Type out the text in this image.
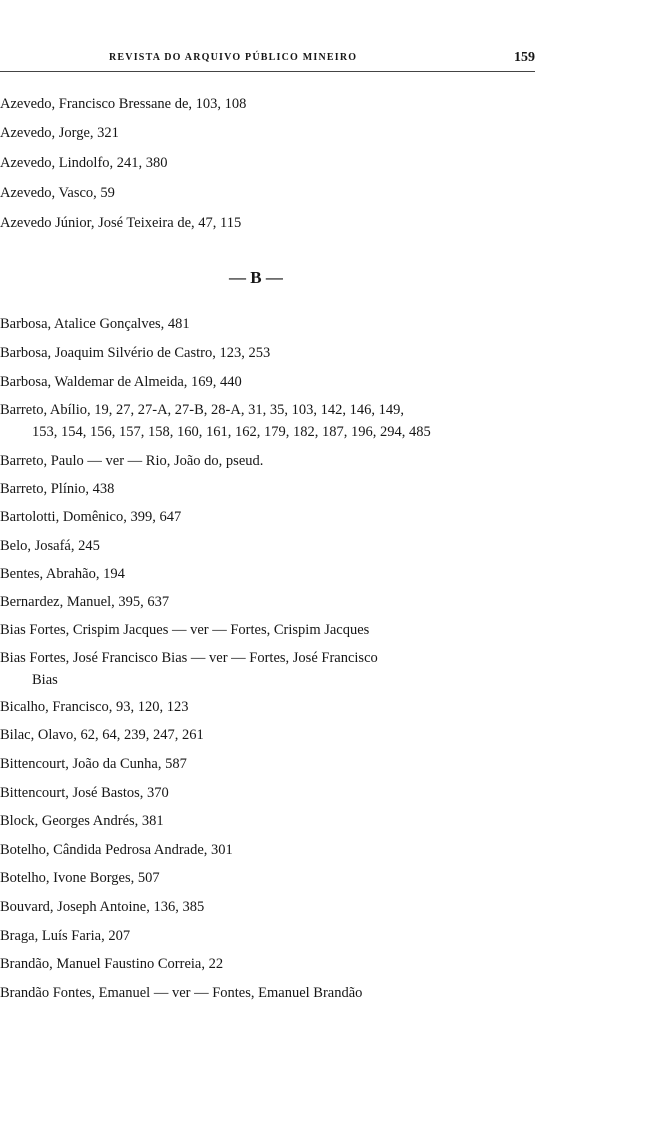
REVISTA DO ARQUIVO PÚBLICO MINEIRO	159
Azevedo, Francisco Bressane de, 103, 108
Azevedo, Jorge, 321
Azevedo, Lindolfo, 241, 380
Azevedo, Vasco, 59
Azevedo Júnior, José Teixeira de, 47, 115
— B —
Barbosa, Atalice Gonçalves, 481
Barbosa, Joaquim Silvério de Castro, 123, 253
Barbosa, Waldemar de Almeida, 169, 440
Barreto, Abílio, 19, 27, 27-A, 27-B, 28-A, 31, 35, 103, 142, 146, 149,
153, 154, 156, 157, 158, 160, 161, 162, 179, 182, 187, 196, 294, 485
Barreto, Paulo — ver — Rio, João do, pseud.
Barreto, Plínio, 438
Bartolotti, Domênico, 399, 647
Belo, Josafá, 245
Bentes, Abrahão, 194
Bernardez, Manuel, 395, 637
Bias Fortes, Crispim Jacques — ver — Fortes, Crispim Jacques
Bias Fortes, José Francisco Bias — ver — Fortes, José Francisco
Bias
Bicalho, Francisco, 93, 120, 123
Bilac, Olavo, 62, 64, 239, 247, 261
Bittencourt, João da Cunha, 587
Bittencourt, José Bastos, 370
Block, Georges Andrés, 381
Botelho, Cândida Pedrosa Andrade, 301
Botelho, Ivone Borges, 507
Bouvard, Joseph Antoine, 136, 385
Braga, Luís Faria, 207
Brandão, Manuel Faustino Correia, 22
Brandão Fontes, Emanuel — ver — Fontes, Emanuel Brandão
